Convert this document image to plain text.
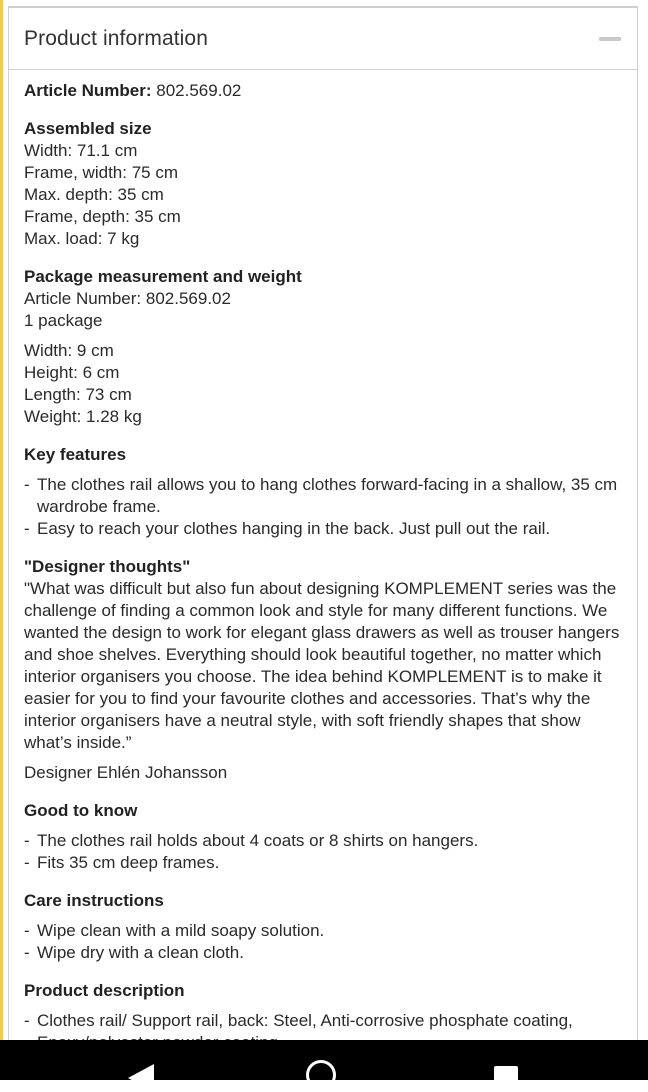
Product information
Article Number: 802.569.02
Assembled size
Width: 71.1 cm
Frame, width: 75 cm
Max. depth: 35 cm
Frame, depth: 35 cm
Max. load: 7 kg
Package measurement and weight
Article Number: 802.569.02
1 package
Width: 9 cm
Height: 6 cm
Length: 73 cm
Weight: 1.28 kg
Key features
- The clothes rail allows you to hang clothes forward-facing in a shallow, 35 cm wardrobe frame.
- Easy to reach your clothes hanging in the back. Just pull out the rail.
"Designer thoughts"
"What was difficult but also fun about designing KOMPLEMENT series was the challenge of finding a common look and style for many different functions. We wanted the design to work for elegant glass drawers as well as trouser hangers and shoe shelves. Everything should look beautiful together, no matter which interior organisers you choose. The idea behind KOMPLEMENT is to make it easier for you to find your favourite clothes and accessories. That’s why the interior organisers have a neutral style, with soft friendly shapes that show what’s inside.”
Designer Ehlén Johansson
Good to know
- The clothes rail holds about 4 coats or 8 shirts on hangers.
- Fits 35 cm deep frames.
Care instructions
- Wipe clean with a mild soapy solution.
- Wipe dry with a clean cloth.
Product description
- Clothes rail/ Support rail, back: Steel, Anti-corrosive phosphate coating,
